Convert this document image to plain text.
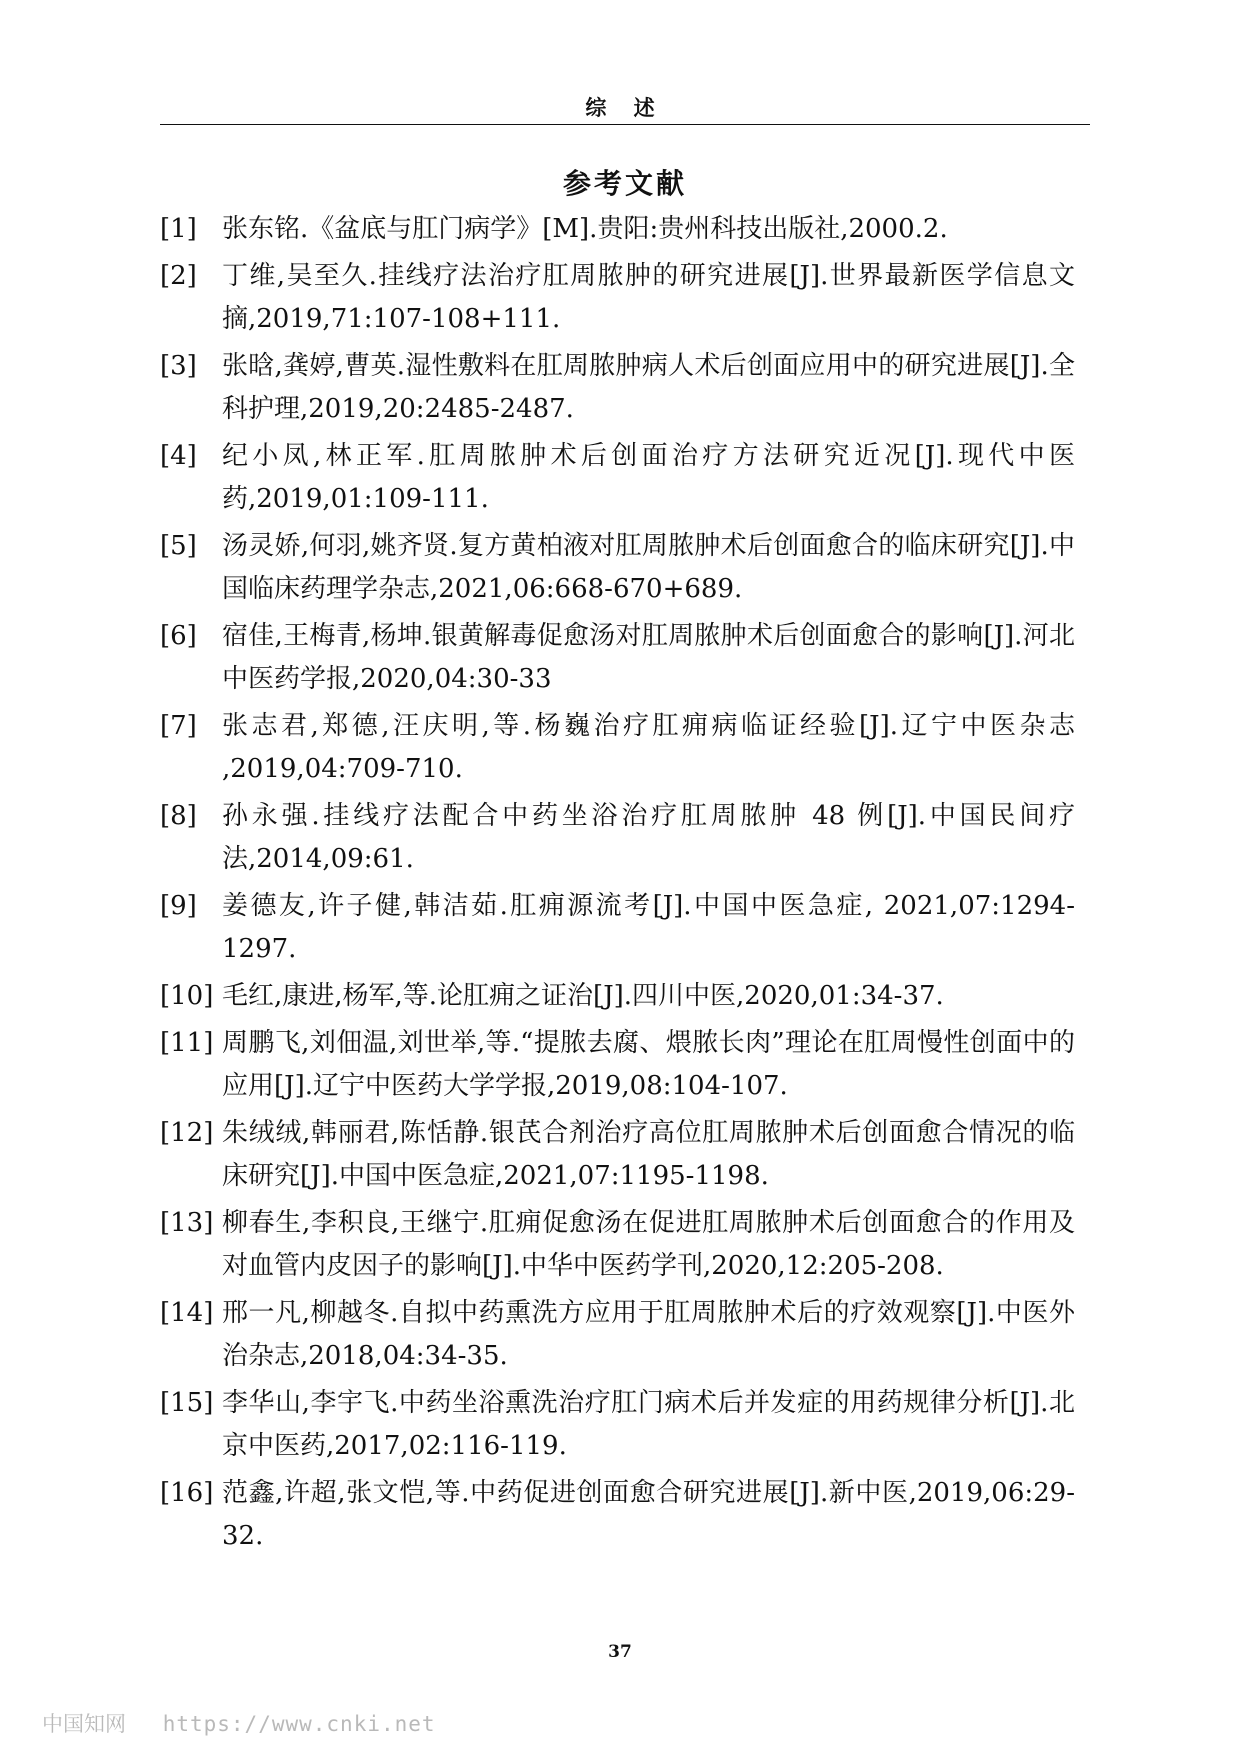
综 述
参考文献
[1] 张东铭.《盆底与肛门病学》[M].贵阳:贵州科技出版社,2000.2.
[2] 丁维,吴至久.挂线疗法治疗肛周脓肿的研究进展[J].世界最新医学信息文摘,2019,71:107-108+111.
[3] 张晗,龚婷,曹英.湿性敷料在肛周脓肿病人术后创面应用中的研究进展[J].全科护理,2019,20:2485-2487.
[4] 纪小凤,林正军.肛周脓肿术后创面治疗方法研究近况[J].现代中医药,2019,01:109-111.
[5] 汤灵娇,何羽,姚齐贤.复方黄柏液对肛周脓肿术后创面愈合的临床研究[J].中国临床药理学杂志,2021,06:668-670+689.
[6] 宿佳,王梅青,杨坤.银黄解毒促愈汤对肛周脓肿术后创面愈合的影响[J].河北中医药学报,2020,04:30-33
[7] 张志君,郑德,汪庆明,等.杨巍治疗肛痈病临证经验[J].辽宁中医杂志 ,2019,04:709-710.
[8] 孙永强.挂线疗法配合中药坐浴治疗肛周脓肿 48 例[J].中国民间疗法,2014,09:61.
[9] 姜德友,许子健,韩洁茹.肛痈源流考[J].中国中医急症, 2021,07:1294-1297.
[10] 毛红,康进,杨军,等.论肛痈之证治[J].四川中医,2020,01:34-37.
[11] 周鹏飞,刘佃温,刘世举,等.“提脓去腐、煨脓长肉”理论在肛周慢性创面中的应用[J].辽宁中医药大学学报,2019,08:104-107.
[12] 朱绒绒,韩丽君,陈恬静.银芪合剂治疗高位肛周脓肿术后创面愈合情况的临床研究[J].中国中医急症,2021,07:1195-1198.
[13] 柳春生,李积良,王继宁.肛痈促愈汤在促进肛周脓肿术后创面愈合的作用及对血管内皮因子的影响[J].中华中医药学刊,2020,12:205-208.
[14] 邢一凡,柳越冬.自拟中药熏洗方应用于肛周脓肿术后的疗效观察[J].中医外治杂志,2018,04:34-35.
[15] 李华山,李宇飞.中药坐浴熏洗治疗肛门病术后并发症的用药规律分析[J].北京中医药,2017,02:116-119.
[16] 范鑫,许超,张文恺,等.中药促进创面愈合研究进展[J].新中医,2019,06:29-32.
37
中国知网 https://www.cnki.net
